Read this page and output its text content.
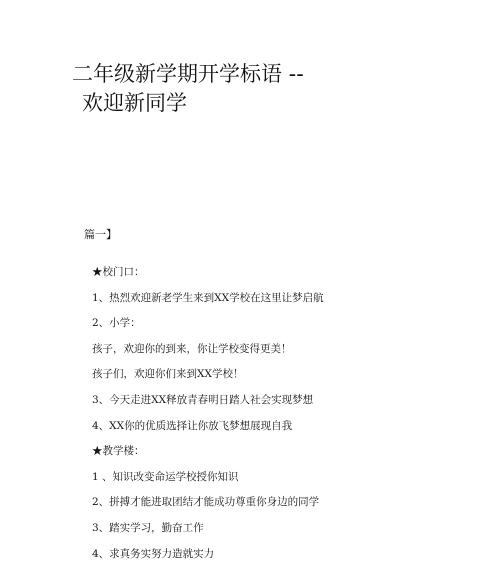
二年级新学期开学标语 --
欢迎新同学
篇一】
★校门口：
1、热烈欢迎新老学生来到XX学校在这里让梦启航
2、小学：
孩子，欢迎你的到来，你让学校变得更美！
孩子们，欢迎你们来到XX学校！
3、今天走进XX释放青春明日踏人社会实现梦想
4、XX你的优质选择让你放飞梦想展现自我
★教学楼：
1 、知识改变命运学校授你知识
2、拼搏才能进取团结才能成功尊重你身边的同学
3、踏实学习，勤奋工作
4、求真务实努力造就实力
